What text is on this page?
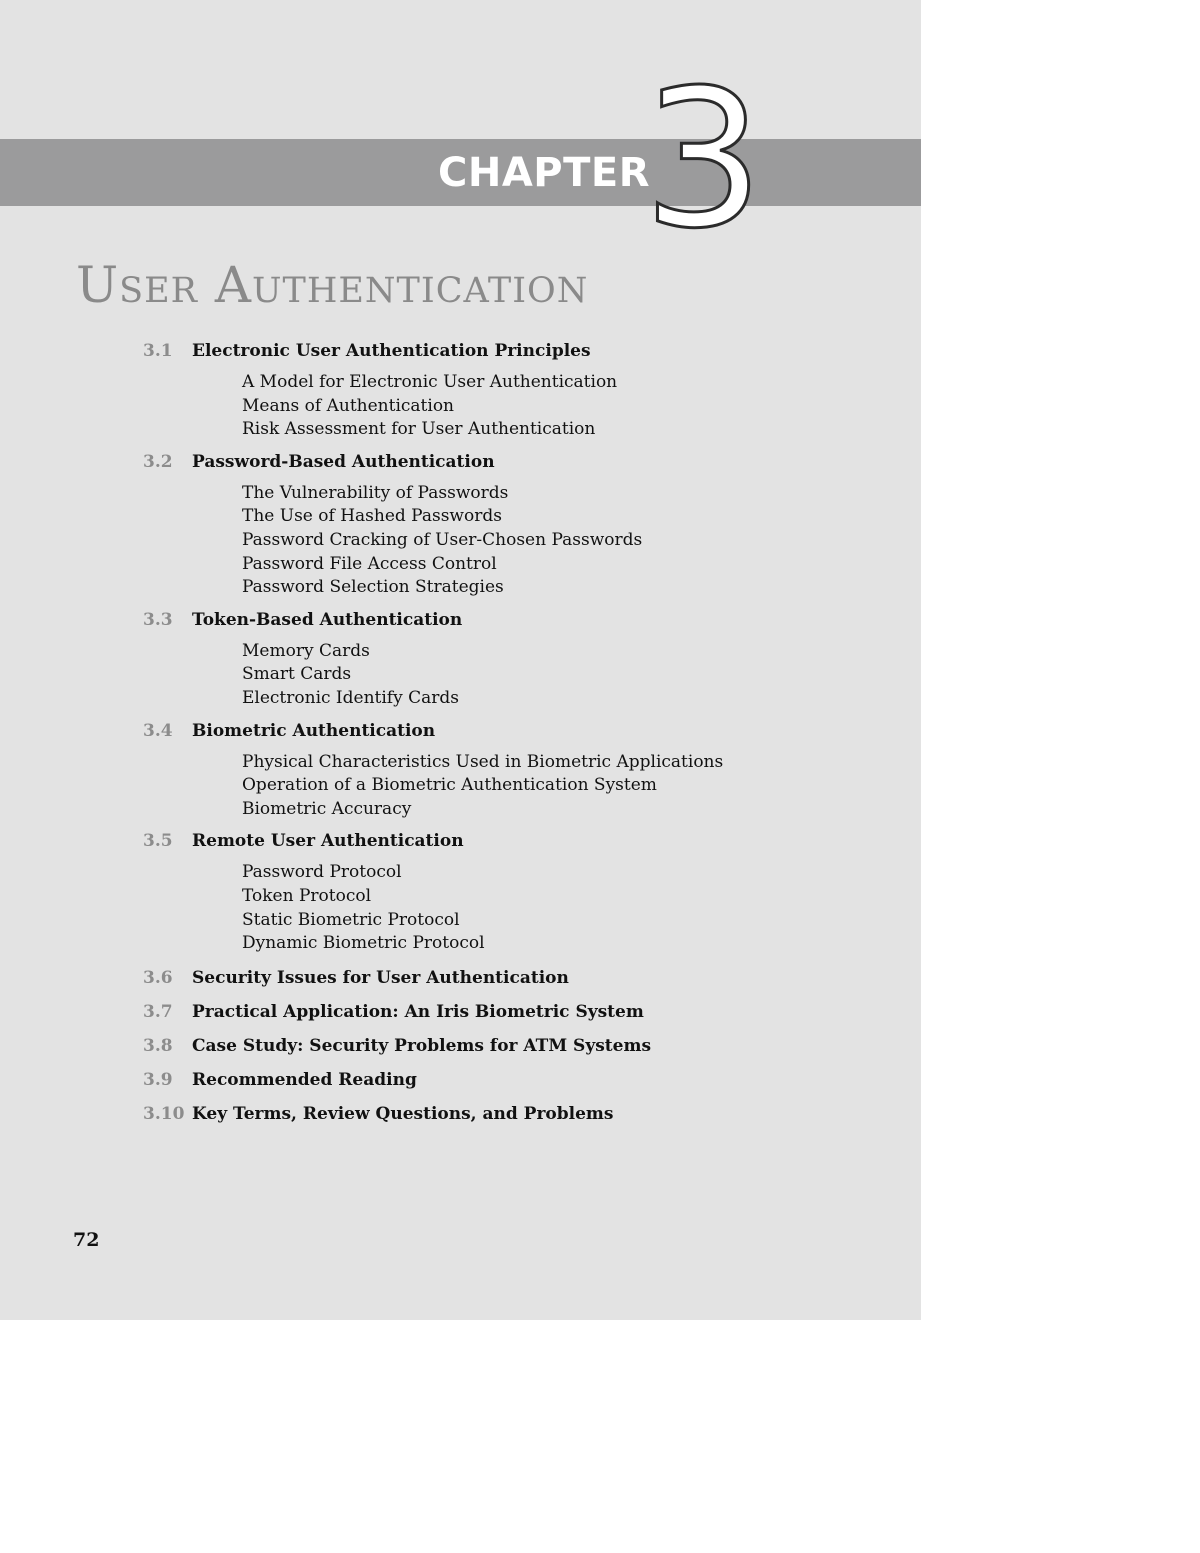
CHAPTER
3
User Authentication
3.1	Electronic User Authentication Principles
A Model for Electronic User Authentication
Means of Authentication
Risk Assessment for User Authentication
3.2	Password-Based Authentication
The Vulnerability of Passwords
The Use of Hashed Passwords
Password Cracking of User-Chosen Passwords
Password File Access Control
Password Selection Strategies
3.3	Token-Based Authentication
Memory Cards
Smart Cards
Electronic Identify Cards
3.4	Biometric Authentication
Physical Characteristics Used in Biometric Applications
Operation of a Biometric Authentication System
Biometric Accuracy
3.5	Remote User Authentication
Password Protocol
Token Protocol
Static Biometric Protocol
Dynamic Biometric Protocol
3.6	Security Issues for User Authentication
3.7	Practical Application: An Iris Biometric System
3.8	Case Study: Security Problems for ATM Systems
3.9	Recommended Reading
3.10 Key Terms, Review Questions, and Problems
72
